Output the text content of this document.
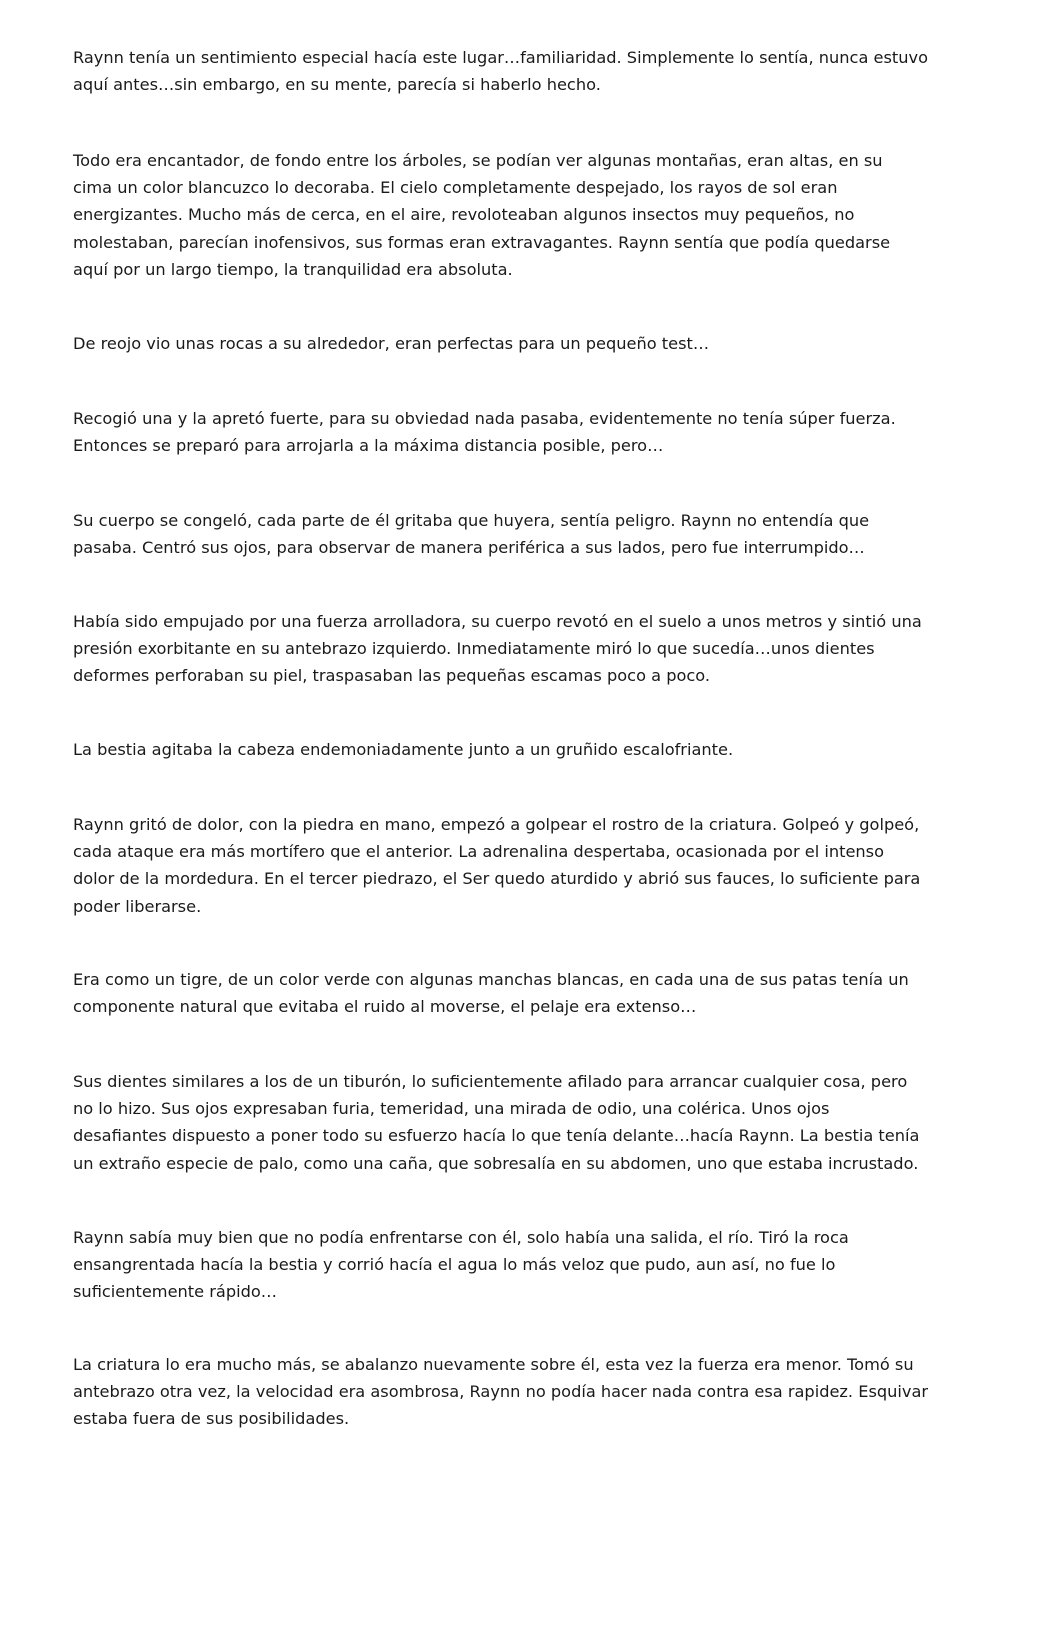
Raynn tenía un sentimiento especial hacía este lugar…familiaridad. Simplemente lo sentía, nunca estuvo
aquí antes…sin embargo, en su mente, parecía si haberlo hecho.

Todo era encantador, de fondo entre los árboles, se podían ver algunas montañas, eran altas, en su
cima un color blancuzco lo decoraba. El cielo completamente despejado, los rayos de sol eran
energizantes. Mucho más de cerca, en el aire, revoloteaban algunos insectos muy pequeños, no
molestaban, parecían inofensivos, sus formas eran extravagantes. Raynn sentía que podía quedarse
aquí por un largo tiempo, la tranquilidad era absoluta.

De reojo vio unas rocas a su alrededor, eran perfectas para un pequeño test…

Recogió una y la apretó fuerte, para su obviedad nada pasaba, evidentemente no tenía súper fuerza.
Entonces se preparó para arrojarla a la máxima distancia posible, pero…

Su cuerpo se congeló, cada parte de él gritaba que huyera, sentía peligro. Raynn no entendía que
pasaba. Centró sus ojos, para observar de manera periférica a sus lados, pero fue interrumpido…

Había sido empujado por una fuerza arrolladora, su cuerpo revotó en el suelo a unos metros y sintió una
presión exorbitante en su antebrazo izquierdo. Inmediatamente miró lo que sucedía…unos dientes
deformes perforaban su piel, traspasaban las pequeñas escamas poco a poco.

La bestia agitaba la cabeza endemoniadamente junto a un gruñido escalofriante.

Raynn gritó de dolor, con la piedra en mano, empezó a golpear el rostro de la criatura. Golpeó y golpeó,
cada ataque era más mortífero que el anterior. La adrenalina despertaba, ocasionada por el intenso
dolor de la mordedura. En el tercer piedrazo, el Ser quedo aturdido y abrió sus fauces, lo suficiente para
poder liberarse.

Era como un tigre, de un color verde con algunas manchas blancas, en cada una de sus patas tenía un
componente natural que evitaba el ruido al moverse, el pelaje era extenso…

Sus dientes similares a los de un tiburón, lo suficientemente afilado para arrancar cualquier cosa, pero
no lo hizo. Sus ojos expresaban furia, temeridad, una mirada de odio, una colérica. Unos ojos
desafiantes dispuesto a poner todo su esfuerzo hacía lo que tenía delante…hacía Raynn. La bestia tenía
un extraño especie de palo, como una caña, que sobresalía en su abdomen, uno que estaba incrustado.

Raynn sabía muy bien que no podía enfrentarse con él, solo había una salida, el río. Tiró la roca
ensangrentada hacía la bestia y corrió hacía el agua lo más veloz que pudo, aun así, no fue lo
suficientemente rápido…

La criatura lo era mucho más, se abalanzo nuevamente sobre él, esta vez la fuerza era menor. Tomó su
antebrazo otra vez, la velocidad era asombrosa, Raynn no podía hacer nada contra esa rapidez. Esquivar
estaba fuera de sus posibilidades.
